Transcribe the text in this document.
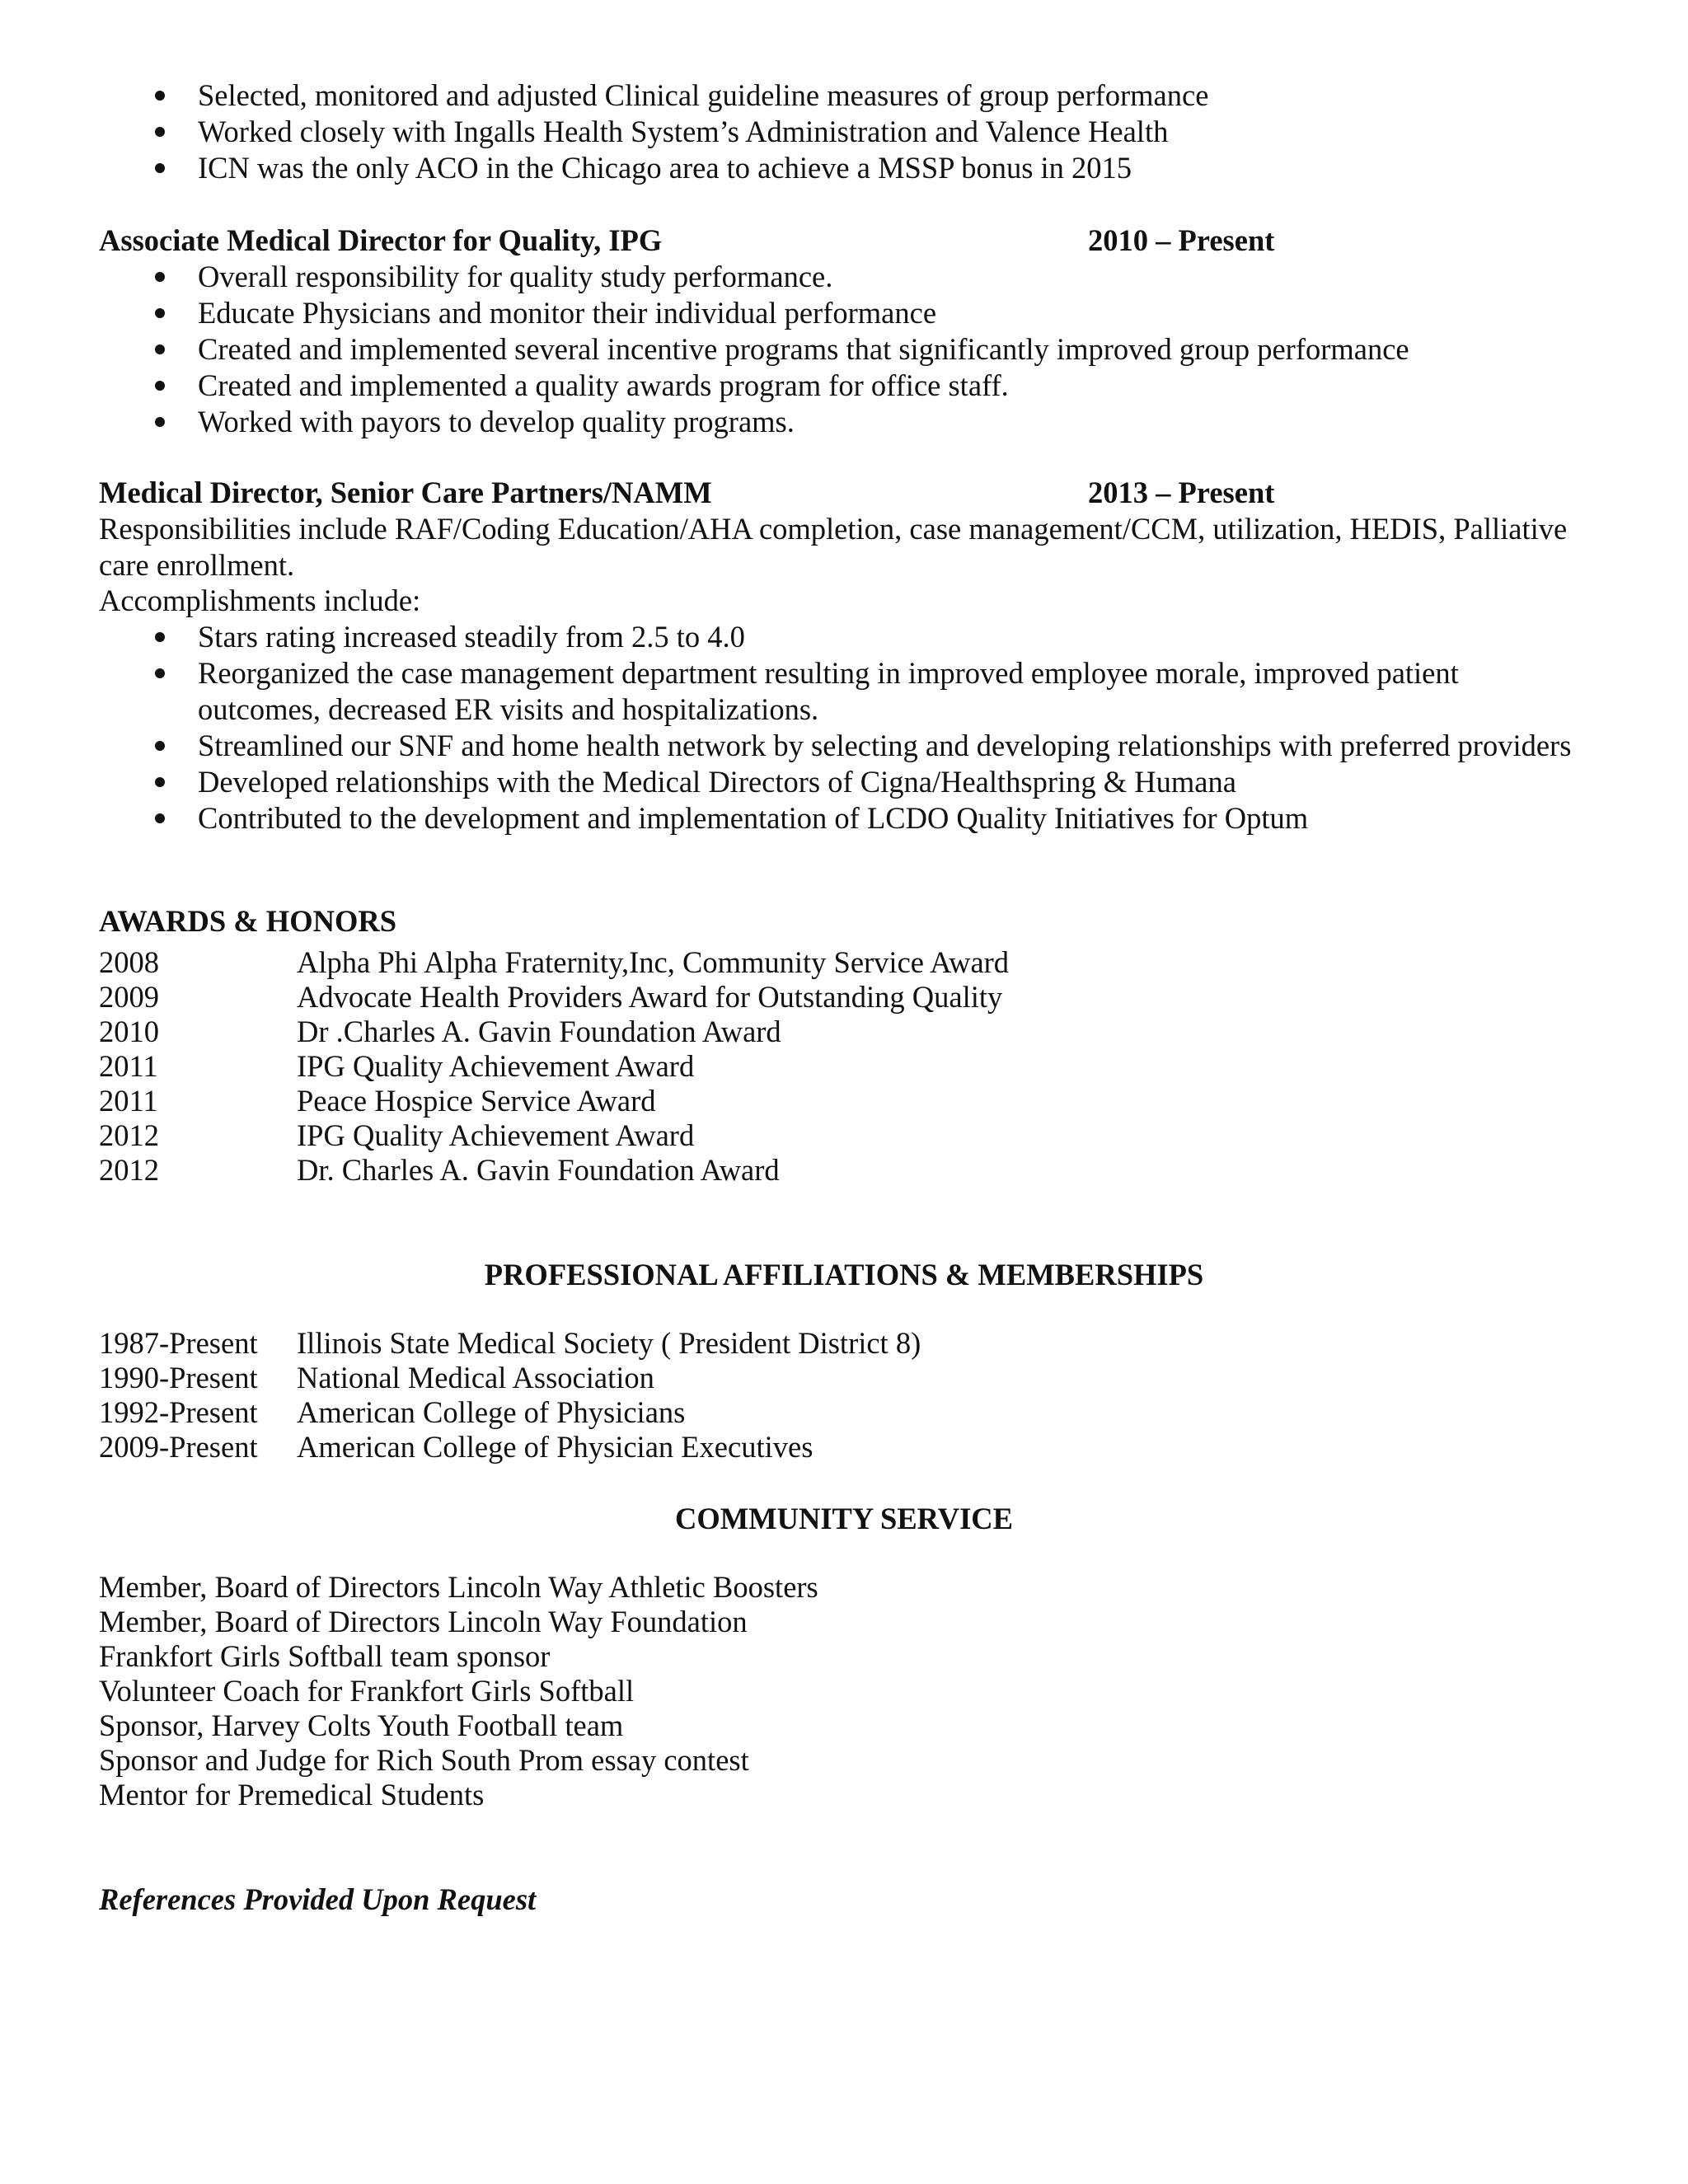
Selected, monitored and adjusted Clinical guideline measures of group performance
Worked closely with Ingalls Health System’s Administration and Valence Health
ICN was the only ACO in the Chicago area to achieve a MSSP bonus in 2015
Associate Medical Director for Quality, IPG	2010 – Present
Overall responsibility for quality study performance.
Educate Physicians and monitor their individual performance
Created and implemented several incentive programs that significantly improved group performance
Created and implemented a quality awards program for office staff.
Worked with payors to develop quality programs.
Medical Director, Senior Care Partners/NAMM	2013 – Present
Responsibilities include RAF/Coding Education/AHA completion, case management/CCM, utilization, HEDIS, Palliative
care enrollment.
Accomplishments include:
Stars rating increased steadily from 2.5 to 4.0
Reorganized the case management department resulting in improved employee morale, improved patient outcomes, decreased ER visits and hospitalizations.
Streamlined our SNF and home health network by selecting and developing relationships with preferred providers
Developed relationships with the Medical Directors of Cigna/Healthspring & Humana
Contributed to the development and implementation of LCDO Quality Initiatives for Optum
AWARDS & HONORS
2008	Alpha Phi Alpha Fraternity,Inc, Community Service Award
2009	Advocate Health Providers Award for Outstanding Quality
2010	Dr .Charles A. Gavin Foundation Award
2011	IPG Quality Achievement Award
2011	Peace Hospice Service Award
2012	IPG Quality Achievement Award
2012	Dr. Charles A. Gavin Foundation Award
PROFESSIONAL AFFILIATIONS & MEMBERSHIPS
1987-Present Illinois State Medical Society ( President District 8)
1990-Present National Medical Association
1992-Present American College of Physicians
2009-Present American College of Physician Executives
COMMUNITY SERVICE
Member, Board of Directors Lincoln Way Athletic Boosters
Member, Board of Directors Lincoln Way Foundation
Frankfort Girls Softball team sponsor
Volunteer Coach for Frankfort Girls Softball
Sponsor, Harvey Colts Youth Football team
Sponsor and Judge for Rich South Prom essay contest
Mentor for Premedical Students
References Provided Upon Request
